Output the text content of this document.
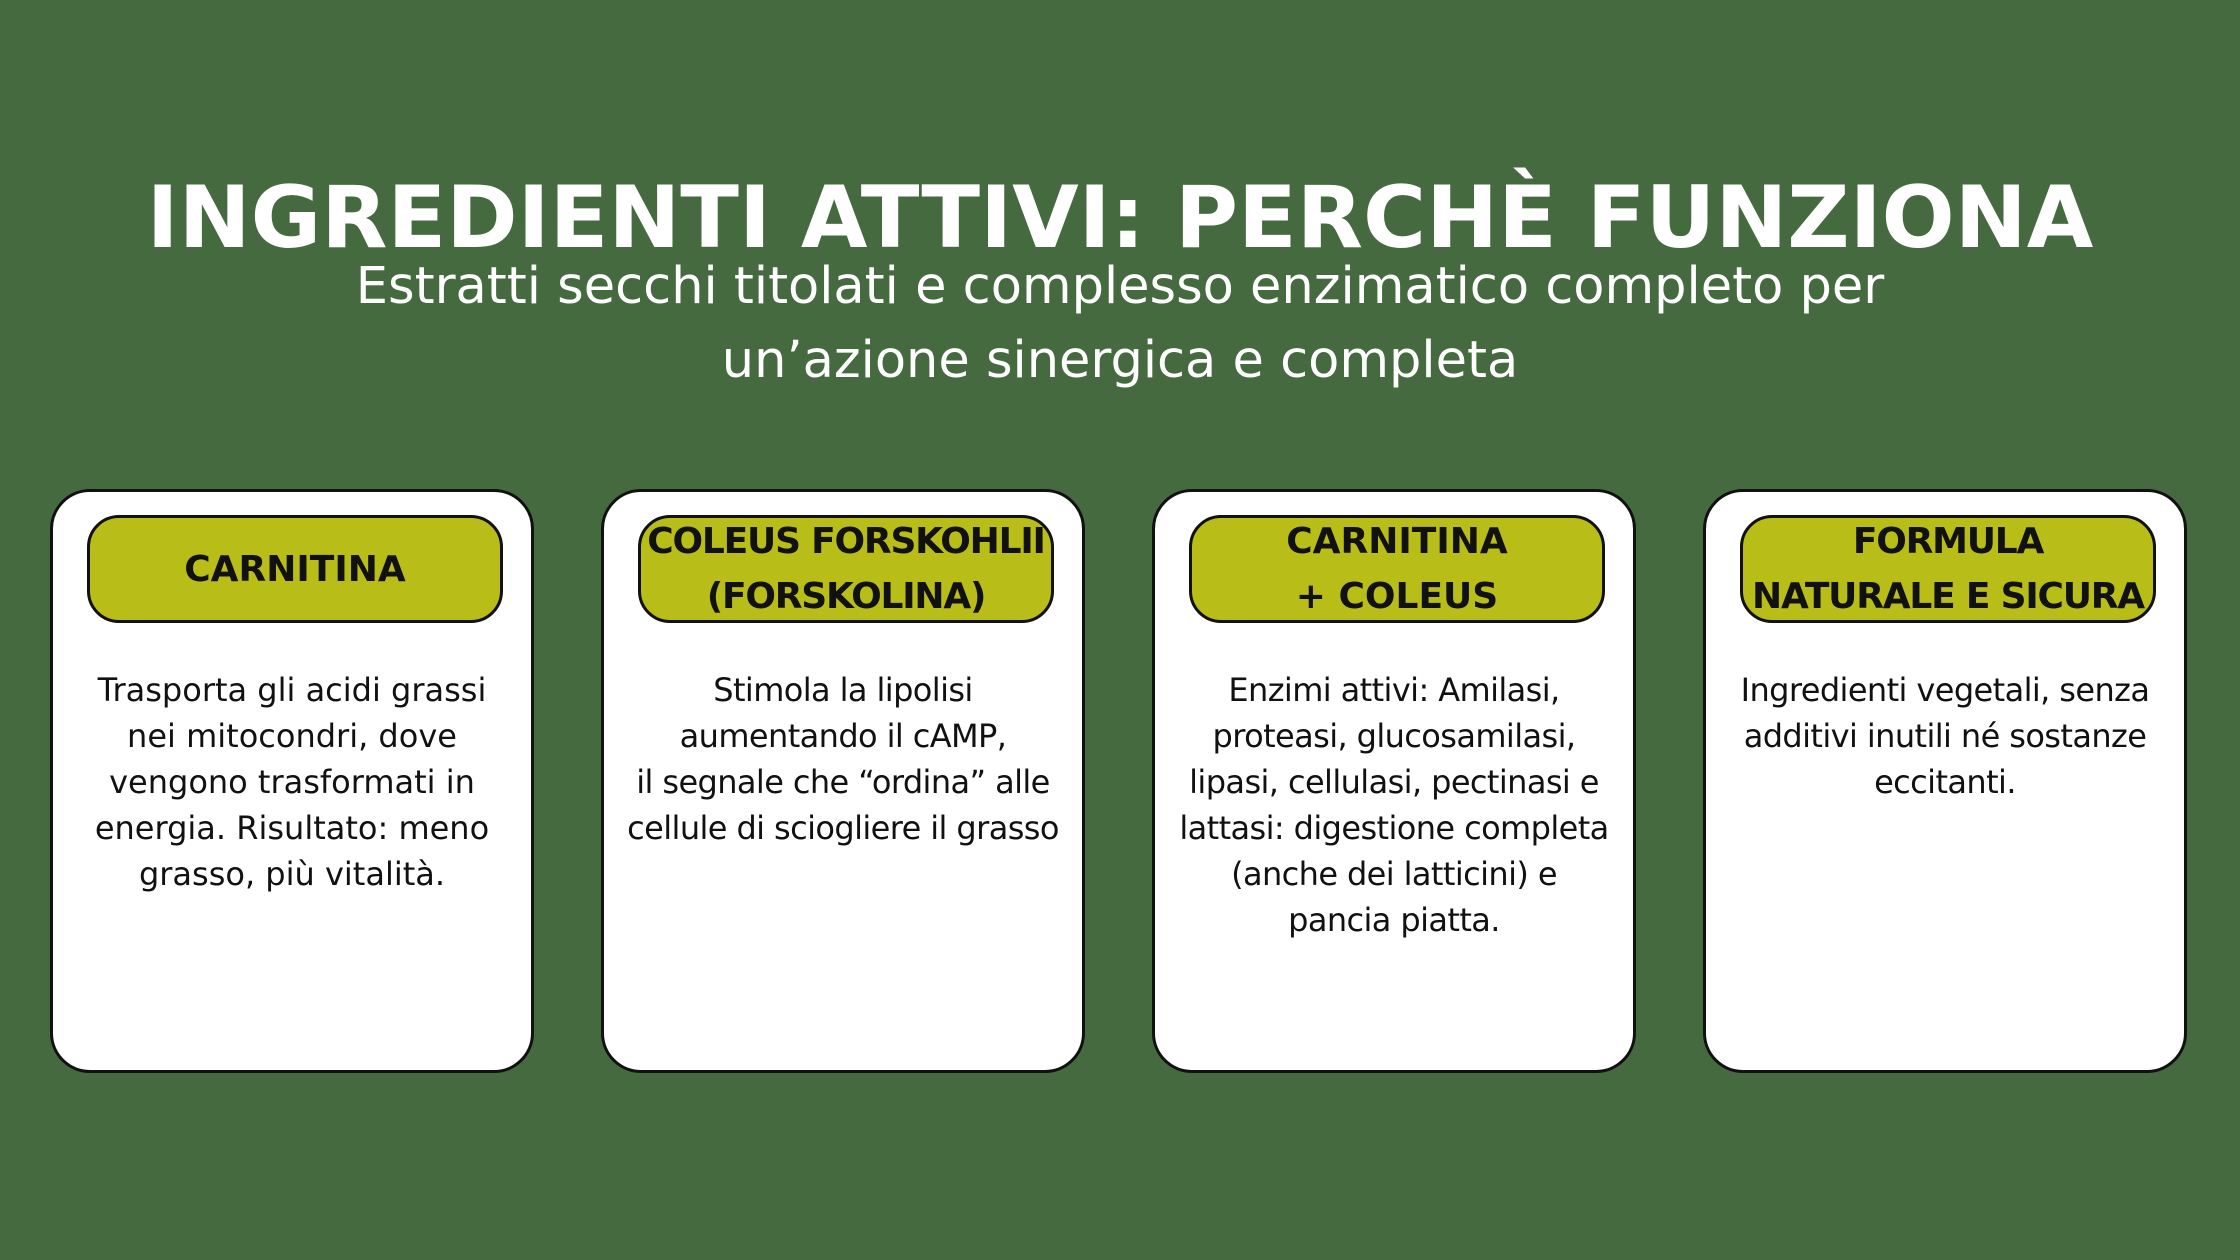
INGREDIENTI ATTIVI: PERCHÈ FUNZIONA
Estratti secchi titolati e complesso enzimatico completo per
un’azione sinergica e completa
CARNITINA
Trasporta gli acidi grassi
nei mitocondri, dove
vengono trasformati in
energia. Risultato: meno
grasso, più vitalità.
COLEUS FORSKOHLII
(FORSKOLINA)
Stimola la lipolisi
aumentando il cAMP,
il segnale che “ordina” alle
cellule di sciogliere il grasso
CARNITINA
+ COLEUS
Enzimi attivi: Amilasi,
proteasi, glucosamilasi,
lipasi, cellulasi, pectinasi e
lattasi: digestione completa
(anche dei latticini) e
pancia piatta.
FORMULA
NATURALE E SICURA
Ingredienti vegetali, senza
additivi inutili né sostanze
eccitanti.
